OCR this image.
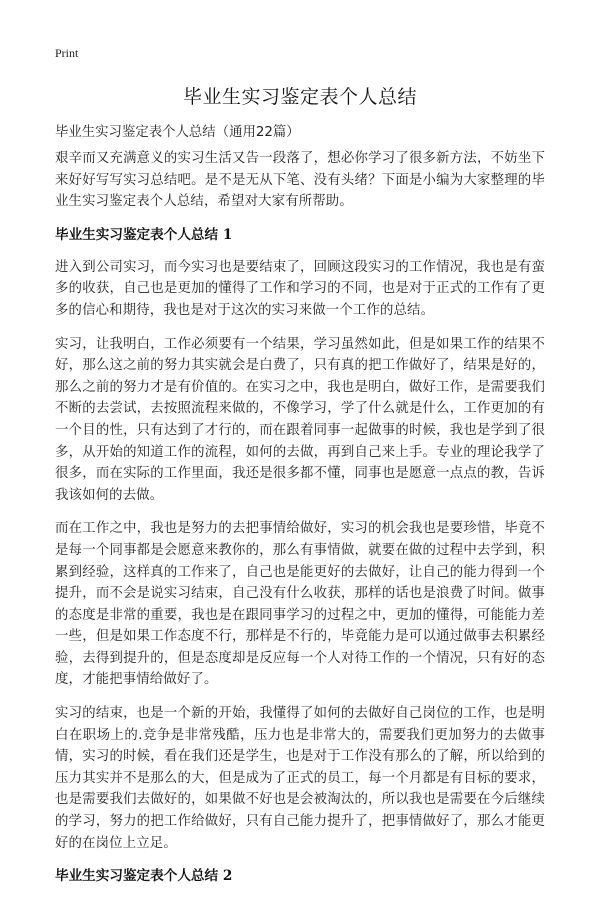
Print
毕业生实习鉴定表个人总结

毕业生实习鉴定表个人总结（通用22篇）

艰辛而又充满意义的实习生活又告一段落了，想必你学习了很多新方法，不妨坐下来好好写写实习总结吧。是不是无从下笔、没有头绪？下面是小编为大家整理的毕业生实习鉴定表个人总结，希望对大家有所帮助。

毕业生实习鉴定表个人总结 1

进入到公司实习，而今实习也是要结束了，回顾这段实习的工作情况，我也是有蛮多的收获，自己也是更加的懂得了工作和学习的不同，也是对于正式的工作有了更多的信心和期待，我也是对于这次的实习来做一个工作的总结。

实习，让我明白，工作必须要有一个结果，学习虽然如此，但是如果工作的结果不好，那么这之前的努力其实就会是白费了，只有真的把工作做好了，结果是好的，那么之前的努力才是有价值的。在实习之中，我也是明白，做好工作，是需要我们不断的去尝试，去按照流程来做的，不像学习，学了什么就是什么，工作更加的有一个目的性，只有达到了才行的，而在跟着同事一起做事的时候，我也是学到了很多，从开始的知道工作的流程，如何的去做，再到自己来上手。专业的理论我学了很多，而在实际的工作里面，我还是很多都不懂，同事也是愿意一点点的教，告诉我该如何的去做。

而在工作之中，我也是努力的去把事情给做好，实习的机会我也是要珍惜，毕竟不是每一个同事都是会愿意来教你的，那么有事情做，就要在做的过程中去学到，积累到经验，这样真的工作来了，自己也是能更好的去做好，让自己的能力得到一个提升，而不会是说实习结束，自己没有什么收获，那样的话也是浪费了时间。做事的态度是非常的重要，我也是在跟同事学习的过程之中，更加的懂得，可能能力差一些，但是如果工作态度不行，那样是不行的，毕竟能力是可以通过做事去积累经验，去得到提升的，但是态度却是反应每一个人对待工作的一个情况，只有好的态度，才能把事情给做好了。

实习的结束，也是一个新的开始，我懂得了如何的去做好自己岗位的工作，也是明白在职场上的.竞争是非常残酷，压力也是非常大的，需要我们更加努力的去做事情，实习的时候，看在我们还是学生，也是对于工作没有那么的了解，所以给到的压力其实并不是那么的大，但是成为了正式的员工，每一个月都是有目标的要求，也是需要我们去做好的，如果做不好也是会被淘汰的，所以我也是需要在今后继续的学习，努力的把工作给做好，只有自己能力提升了，把事情做好了，那么才能更好的在岗位上立足。

毕业生实习鉴定表个人总结 2
